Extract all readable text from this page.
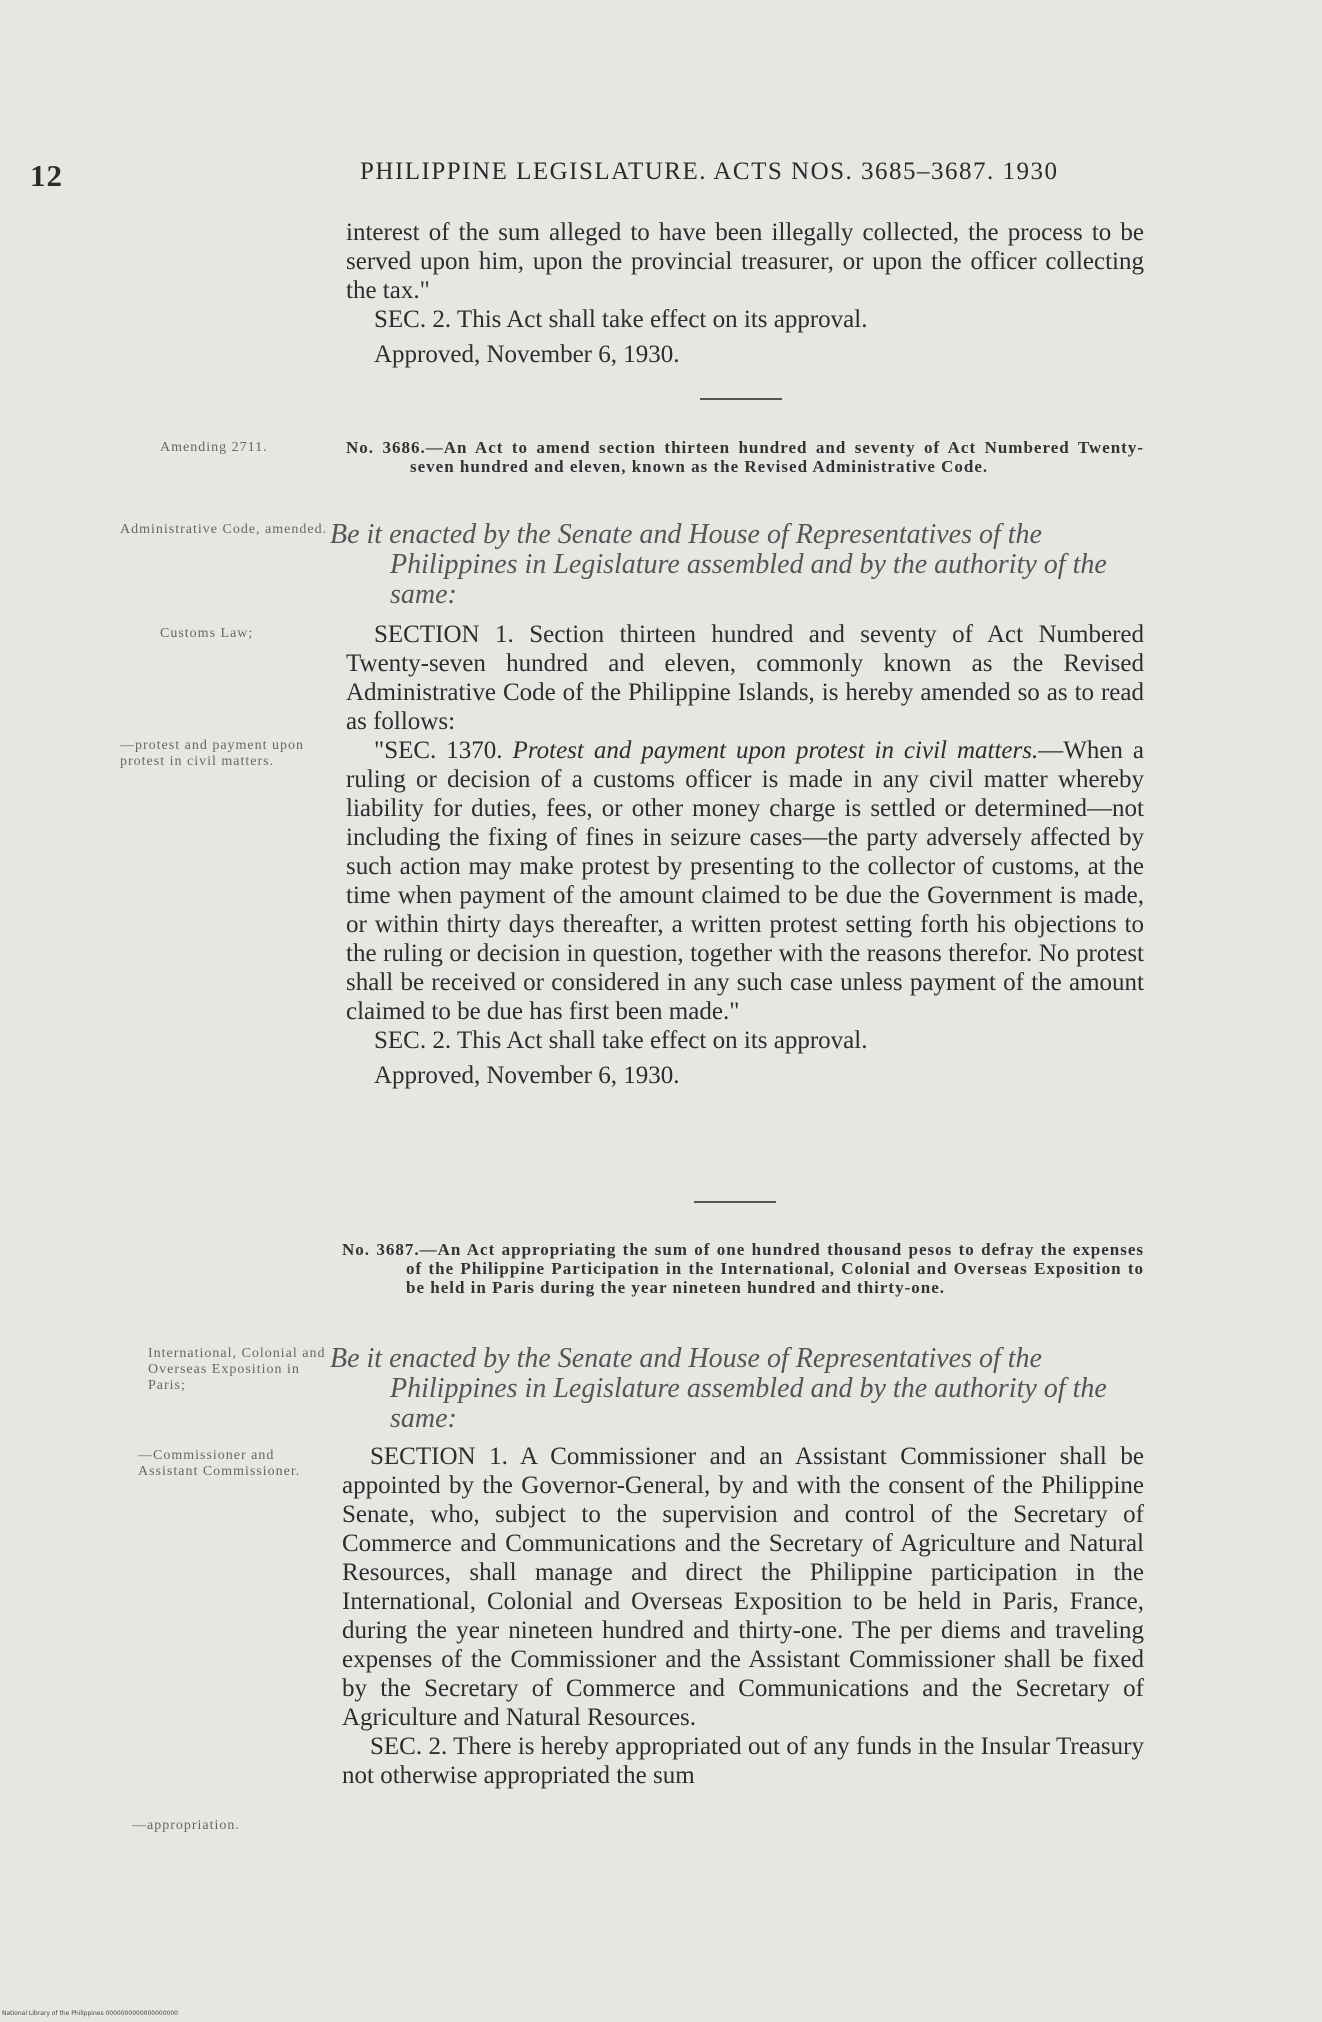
12	PHILIPPINE LEGISLATURE. ACTS NOS. 3685–3687. 1930

interest of the sum alleged to have been illegally collected, the process to be served upon him, upon the provincial treasurer, or upon the officer collecting the tax."

SEC. 2. This Act shall take effect on its approval.

Approved, November 6, 1930.

Amending 2711.	No. 3686.—An Act to amend section thirteen hundred and seventy of Act Numbered Twenty-seven hundred and eleven, known as the Revised Administrative Code.
Administrative Code, amended. Be it enacted by the Senate and House of Representatives of the Philippines in Legislature assembled and by the authority of the same:
Customs Law;
—protest and payment upon protest in civil matters.

SECTION 1. Section thirteen hundred and seventy of Act Numbered Twenty-seven hundred and eleven, commonly known as the Revised Administrative Code of the Philippine Islands, is hereby amended so as to read as follows:

"SEC. 1370. Protest and payment upon protest in civil matters.—When a ruling or decision of a customs officer is made in any civil matter whereby liability for duties, fees, or other money charge is settled or determined—not including the fixing of fines in seizure cases—the party adversely affected by such action may make protest by presenting to the collector of customs, at the time when payment of the amount claimed to be due the Government is made, or within thirty days thereafter, a written protest setting forth his objections to the ruling or decision in question, together with the reasons therefor. No protest shall be received or considered in any such case unless payment of the amount claimed to be due has first been made."

SEC. 2. This Act shall take effect on its approval.

Approved, November 6, 1930.

No. 3687.—An Act appropriating the sum of one hundred thousand pesos to defray the expenses of the Philippine Participation in the International, Colonial and Overseas Exposition to be held in Paris during the year nineteen hundred and thirty-one.
International, Colonial and Overseas Exposition in Paris;
Be it enacted by the Senate and House of Representatives of the Philippines in Legislature assembled and by the authority of the same:
—Commissioner and Assistant Commissioner.
—appropriation.

SECTION 1. A Commissioner and an Assistant Commissioner shall be appointed by the Governor-General, by and with the consent of the Philippine Senate, who, subject to the supervision and control of the Secretary of Commerce and Communications and the Secretary of Agriculture and Natural Resources, shall manage and direct the Philippine participation in the International, Colonial and Overseas Exposition to be held in Paris, France, during the year nineteen hundred and thirty-one. The per diems and traveling expenses of the Commissioner and the Assistant Commissioner shall be fixed by the Secretary of Commerce and Communications and the Secretary of Agriculture and Natural Resources.

SEC. 2. There is hereby appropriated out of any funds in the Insular Treasury not otherwise appropriated the sum

National Library of the Philippines 0000000000000000000
